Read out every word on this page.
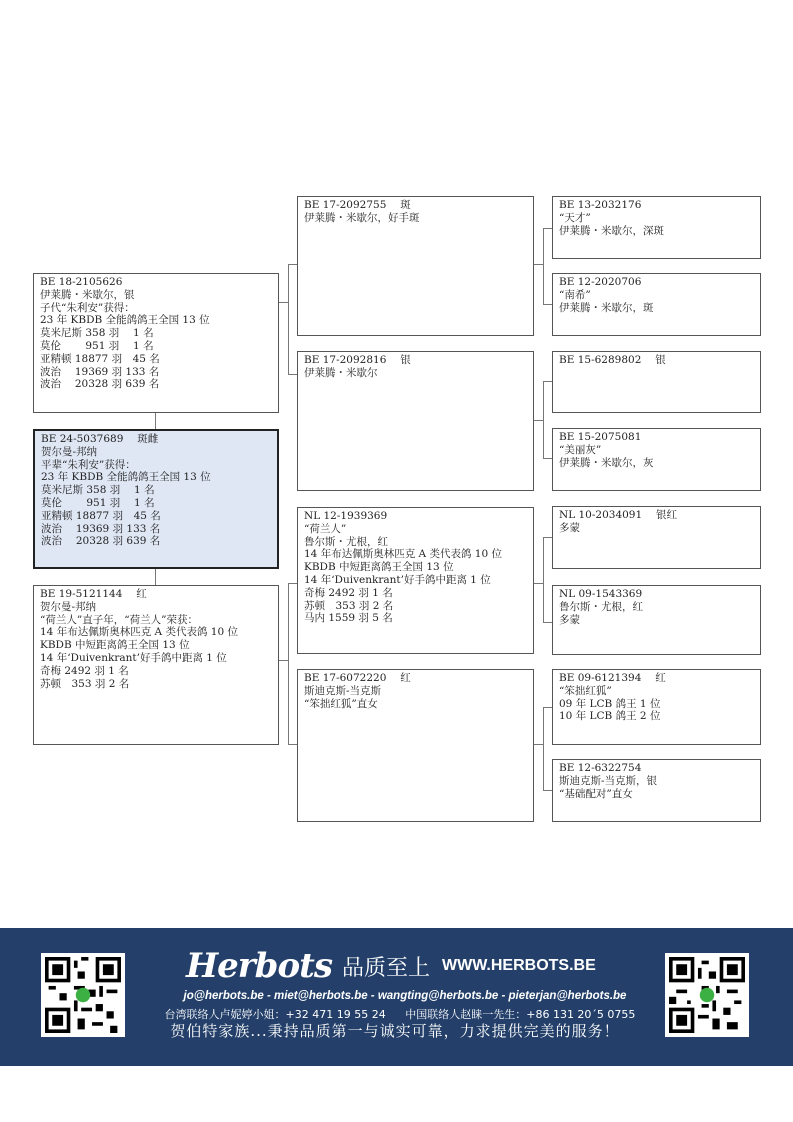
BE 18-2105626
伊莱腾・米歇尔，银
子代“朱利安”获得：
23 年 KBDB 全能鸽鸽王全国 13 位
莫米尼斯 358 羽　 1 名
莫伦　　 951 羽　 1 名
亚精顿 18877 羽　45 名
波治　 19369 羽 133 名
波治　 20328 羽 639 名
BE 24-5037689　 斑雌
贺尔曼-邦纳
平辈“朱利安”获得：
23 年 KBDB 全能鸽鸽王全国 13 位
莫米尼斯 358 羽　 1 名
莫伦　　 951 羽　 1 名
亚精顿 18877 羽　45 名
波治　 19369 羽 133 名
波治　 20328 羽 639 名
BE 19-5121144　 红
贺尔曼-邦纳
“荷兰人”直子年，“荷兰人”荣获：
14 年布达佩斯奥林匹克 A 类代表鸽 10 位
KBDB 中短距离鸽王全国 13 位
14 年‘Duivenkrant’好手鸽中距离 1 位
奇梅 2492 羽 1 名
苏顿　353 羽 2 名
BE 17-2092755　 斑
伊莱腾・米歇尔，好手斑
BE 17-2092816　 银
伊莱腾・米歇尔
NL 12-1939369
“荷兰人”
鲁尔斯・尤根，红
14 年布达佩斯奥林匹克 A 类代表鸽 10 位
KBDB 中短距离鸽王全国 13 位
14 年‘Duivenkrant’好手鸽中距离 1 位
奇梅 2492 羽 1 名
苏顿　353 羽 2 名
马内 1559 羽 5 名
BE 17-6072220　 红
斯迪克斯-当克斯
“笨拙红狐”直女
BE 13-2032176
“天才”
伊莱腾・米歇尔，深斑
BE 12-2020706
“南希”
伊莱腾・米歇尔，斑
BE 15-6289802　 银
BE 15-2075081
“美丽灰”
伊莱腾・米歇尔，灰
NL 10-2034091　 银红
多蒙
NL 09-1543369
鲁尔斯・尤根，红
多蒙
BE 09-6121394　 红
“笨拙红狐”
09 年 LCB 鸽王 1 位
10 年 LCB 鸽王 2 位
BE 12-6322754
斯迪克斯-当克斯，银
“基础配对”直女
Herbots 品质至上 WWW.HERBOTS.BE
jo@herbots.be - miet@herbots.be - wangting@herbots.be - pieterjan@herbots.be
台湾联络人卢妮婷小姐：+32 471 19 55 24 中国联络人赵睐一先生：+86 131 20´5 0755
贺伯特家族...秉持品质第一与诚实可靠，力求提供完美的服务！
